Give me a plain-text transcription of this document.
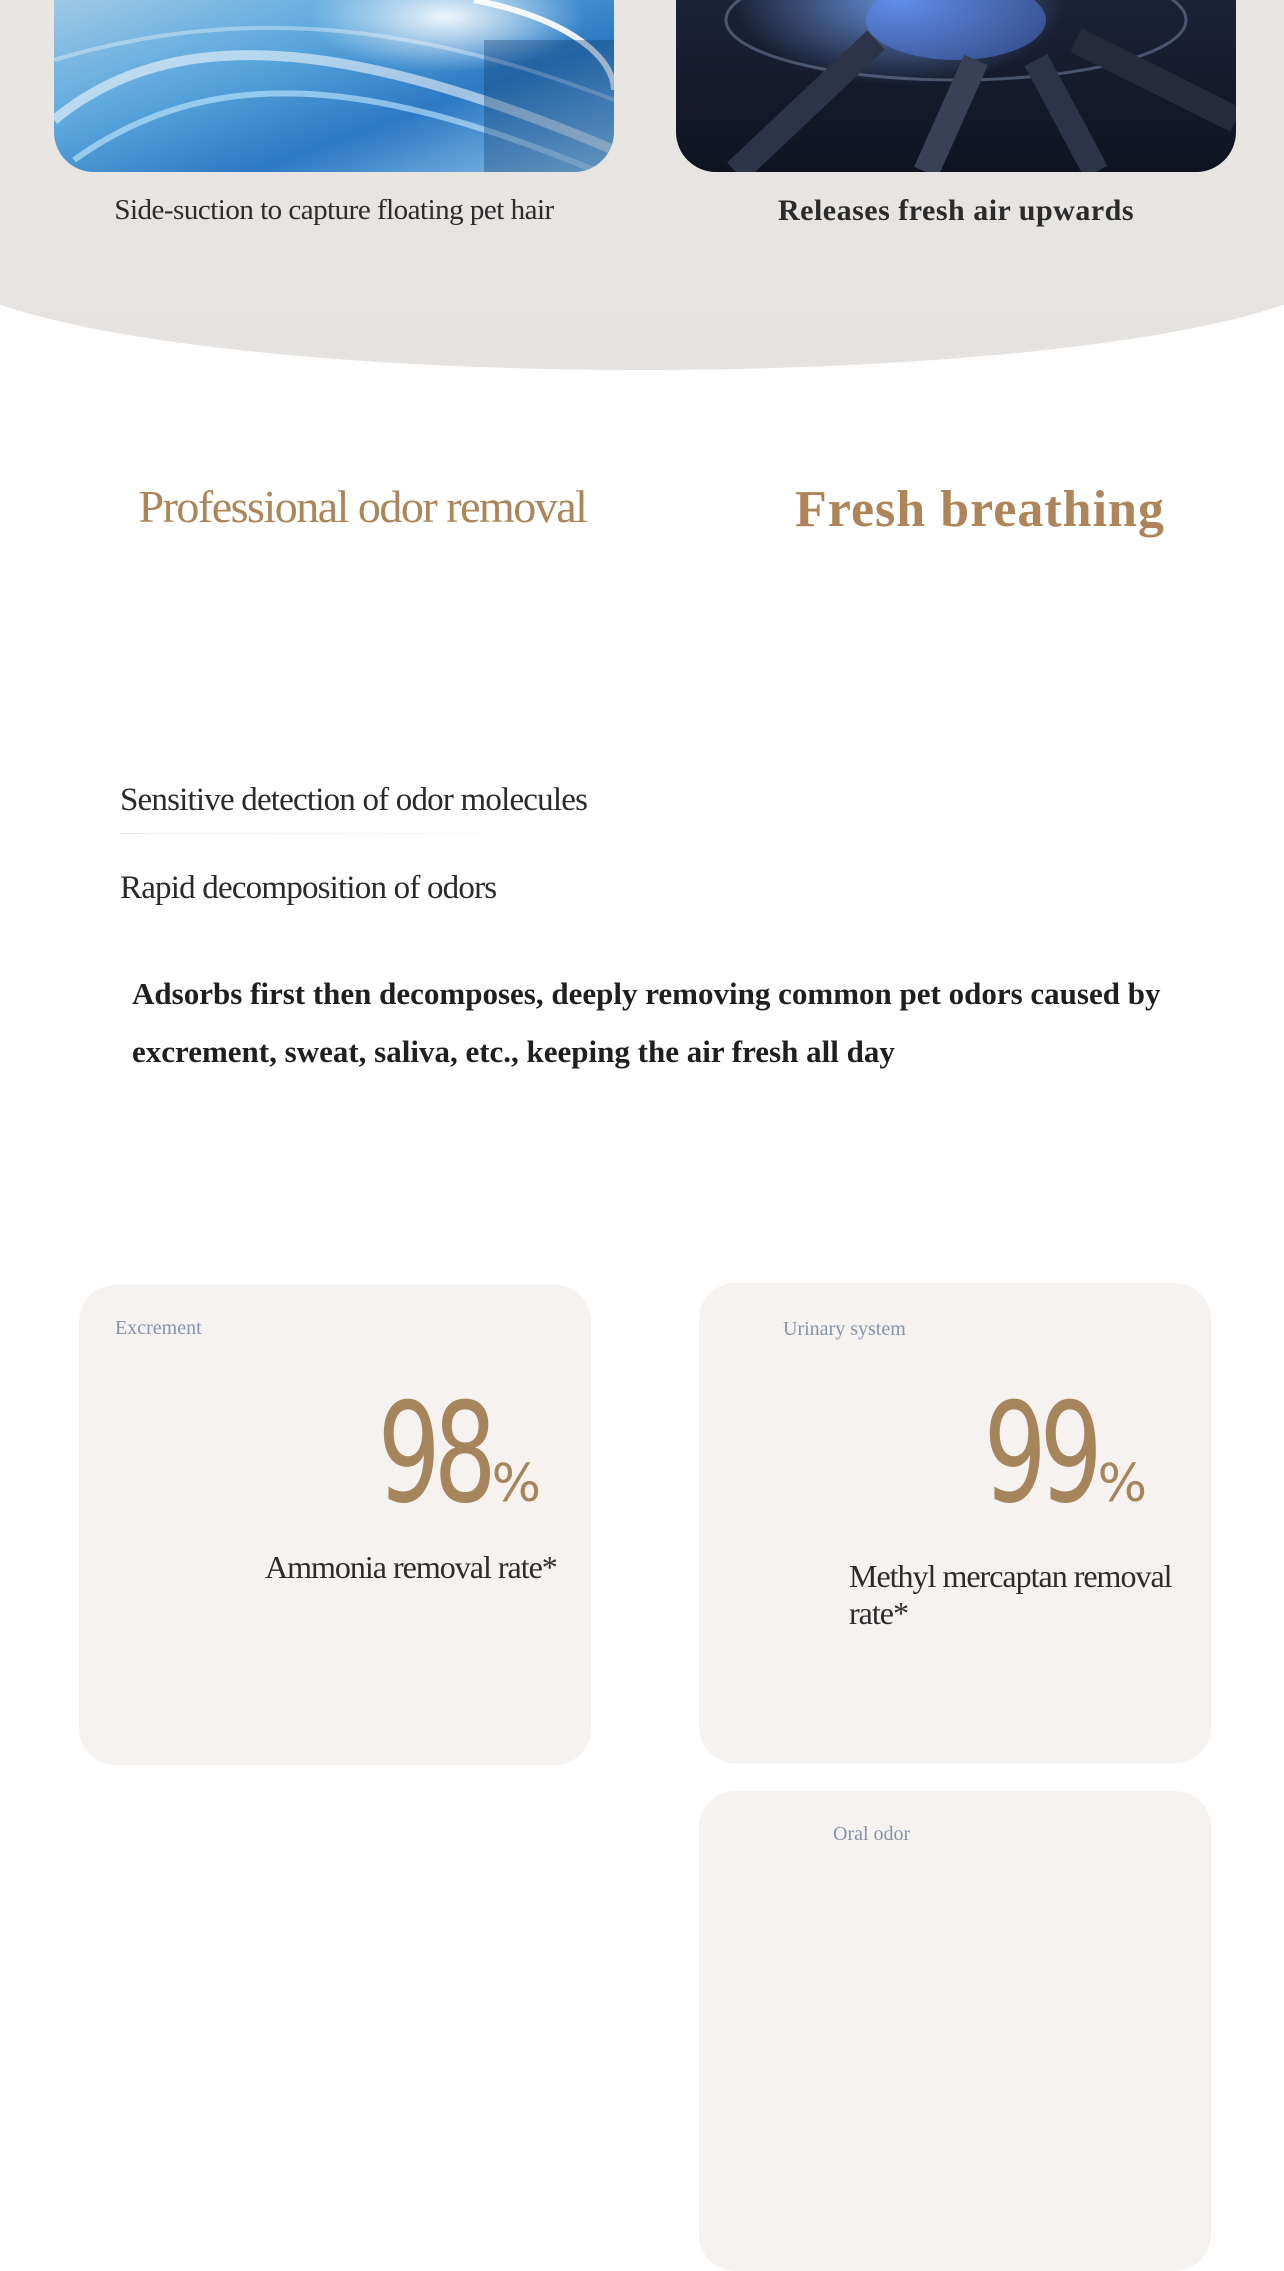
Side-suction to capture floating pet hair	Releases fresh air upwards
Professional odor removal	Fresh breathing
Sensitive detection of odor molecules
Rapid decomposition of odors
Adsorbs first then decomposes, deeply removing common pet odors caused by excrement, sweat, saliva, etc., keeping the air fresh all day
Excrement
98%
Ammonia removal rate*
Urinary system
99%
Methyl mercaptan removal rate*
Oral odor
